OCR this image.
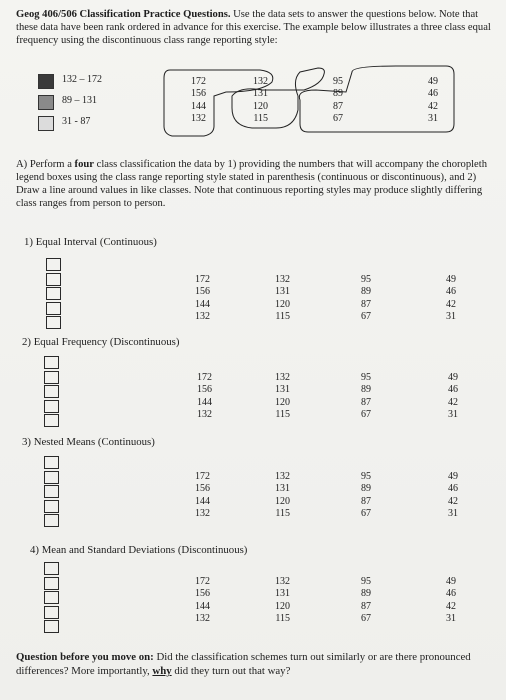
Geog 406/506 Classification Practice Questions. Use the data sets to answer the questions below. Note that these data have been rank ordered in advance for this exercise. The example below illustrates a three class equal frequency using the discontinuous class range reporting style:
132 – 172
89 – 131
31 - 87
172
156
144
132
132
131
120
115
95
89
87
67
49
46
42
31
A) Perform a four class classification the data by 1) providing the numbers that will accompany the choropleth legend boxes using the class range reporting style stated in parenthesis (continuous or discontinuous), and 2) Draw a line around values in like classes. Note that continuous reporting styles may produce slightly differing class ranges from person to person.
1) Equal Interval (Continuous)
172
156
144
132
132
131
120
115
95
89
87
67
49
46
42
31
2) Equal Frequency (Discontinuous)
172
156
144
132
132
131
120
115
95
89
87
67
49
46
42
31
3) Nested Means (Continuous)
172
156
144
132
132
131
120
115
95
89
87
67
49
46
42
31
4) Mean and Standard Deviations (Discontinuous)
172
156
144
132
132
131
120
115
95
89
87
67
49
46
42
31
Question before you move on: Did the classification schemes turn out similarly or are there pronounced differences? More importantly, why did they turn out that way?
